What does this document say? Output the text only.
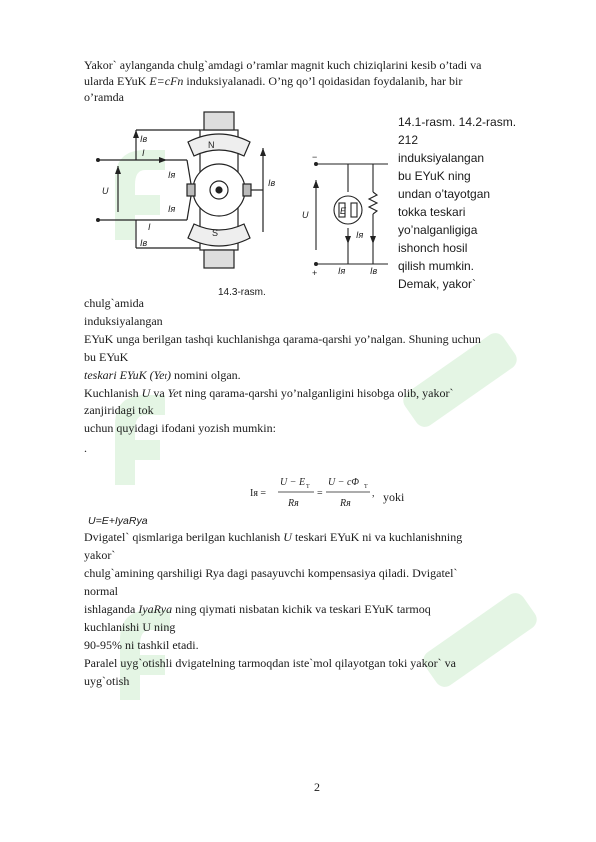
Yakor` aylanganda chulg`amdagi o’ramlar magnit kuch chiziqlarini kesib o’tadi va
ularda EYuK E=cFn induksiyalanadi. O’ng qo’l qoidasidan foydalanib, har bir
o’ramda
14.1-rasm. 14.2-rasm.
212
induksiyalangan
bu EYuK ning
undan o’tayotgan
tokka teskari
yo’nalganligiga
ishonch hosil
qilish mumkin.
Demak, yakor`
Iв
Iя
Iя
N
S
Iв
U
I
I
Iв
14.3-rasm.
−
+
U	E
Iя
Iя	Iв
chulg`amida
induksiyalangan
EYuK unga berilgan tashqi kuchlanishga qarama-qarshi yo’nalgan. Shuning uchun
bu EYuK
teskari EYuK (Yet) nomini olgan.
Kuchlanish U va Yet ning qarama-qarshi yo’nalganligini hisobga olib, yakor`
zanjiridagi tok
uchun quyidagi ifodani yozish mumkin:
.
Iя =
U − E T
Rя
=
U − cΦ T
Rя
, yoki
U=E+IyaRya
Dvigatel` qismlariga berilgan kuchlanish U teskari EYuK ni va kuchlanishning
yakor`
chulg`amining qarshiligi Rya dagi pasayuvchi kompensasiya qiladi. Dvigatel`
normal
ishlaganda IyaRya ning qiymati nisbatan kichik va teskari EYuK tarmoq
kuchlanishi U ning
90-95% ni tashkil etadi.
Paralel uyg`otishli dvigatelning tarmoqdan iste`mol qilayotgan toki yakor` va
uyg`otish
2
